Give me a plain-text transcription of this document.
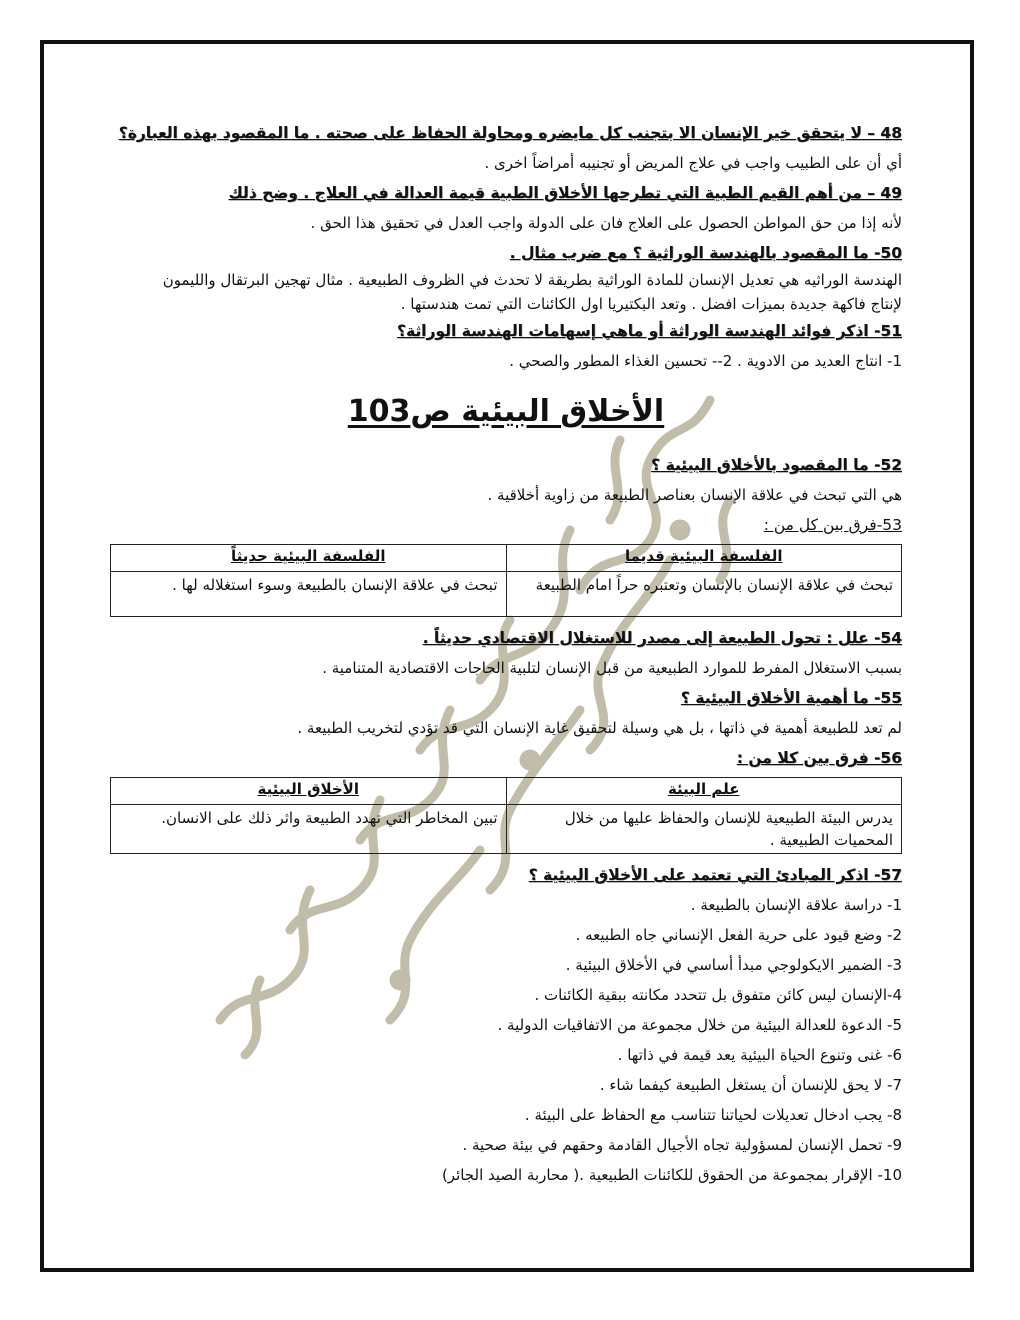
48 – لا يتحقق خير الإنسان الا بتجنب كل مايضره ومحاولة الحفاظ على صحته . ما المقصود بهذه العبارة؟

أي أن على الطبيب واجب في علاج المريض أو تجنيبه أمراضاً اخرى .

49 – من أهم القيم الطبية التي تطرحها الأخلاق الطبية قيمة العدالة في العلاج . وضح ذلك

لأنه إذا من حق المواطن الحصول على العلاج فان على الدولة واجب العدل في تحقيق هذا الحق .

50- ما المقصود بالهندسة الوراثية ؟ مع ضرب مثال .

الهندسة الوراثيه هي تعديل الإنسان للمادة الوراثية بطريقة لا تحدث في الظروف الطبيعية . مثال تهجين البرتقال والليمون

لإنتاج فاكهة جديدة بميزات افضل . وتعد البكتيريا اول الكائنات التي تمت هندستها .

51- اذكر فوائد الهندسة الوراثة أو ماهي إسهامات الهندسة الوراثة؟

1- انتاج العديد من الادوية . 2-- تحسين الغذاء المطور والصحي .

الأخلاق البيئية ص103

52- ما المقصود بالأخلاق البيئية ؟

هي التي تبحث في علاقة الإنسان بعناصر الطبيعة من زاوية أخلاقية .

53-فرق بين كل من :

الفلسفة البيئية قديما	الفلسفة البيئية حديثاً
تبحث في علاقة الإنسان بالإنسان وتعتبره حراً امام الطبيعة	تبحث في علاقة الإنسان بالطبيعة وسوء استغلاله لها .

54- علل : تحول الطبيعة إلى مصدر للاستغلال الاقتصادي حديثاً .

بسبب الاستغلال المفرط للموارد الطبيعية من قبل الإنسان لتلبية الحاجات الاقتصادية المتنامية .

55- ما أهمية الأخلاق البيئية ؟

لم تعد للطبيعة أهمية في ذاتها ، بل هي وسيلة لتحقيق غاية الإنسان التي قد تؤدي لتخريب الطبيعة .

56- فرق بين كلا من :

علم البيئة	الأخلاق البيئية
يدرس البيئة الطبيعية للإنسان والحفاظ عليها من خلال المحميات الطبيعية .	تبين المخاطر التي تهدد الطبيعة واثر ذلك على الانسان.

57- اذكر المبادئ التي تعتمد على الأخلاق البيئية ؟

1- دراسة علاقة الإنسان بالطبيعة .
2- وضع قيود على حرية الفعل الإنساني جاه الطبيعه .
3- الضمير الايكولوجي مبدأ أساسي في الأخلاق البيئية .
4-الإنسان ليس كائن متفوق بل تتحدد مكانته ببقية الكائنات .
5- الدعوة للعدالة البيئية من خلال مجموعة من الاتفاقيات الدولية .
6- غنى وتنوع الحياة البيئية يعد قيمة في ذاتها .
7- لا يحق للإنسان أن يستغل الطبيعة كيفما شاء .
8- يجب ادخال تعديلات لحياتنا تتناسب مع الحفاظ على البيئة .
9- تحمل الإنسان لمسؤولية تجاه الأجيال القادمة وحقهم في بيئة صحية .
10- الإقرار بمجموعة من الحقوق للكائنات الطبيعية .( محاربة الصيد الجائر)
